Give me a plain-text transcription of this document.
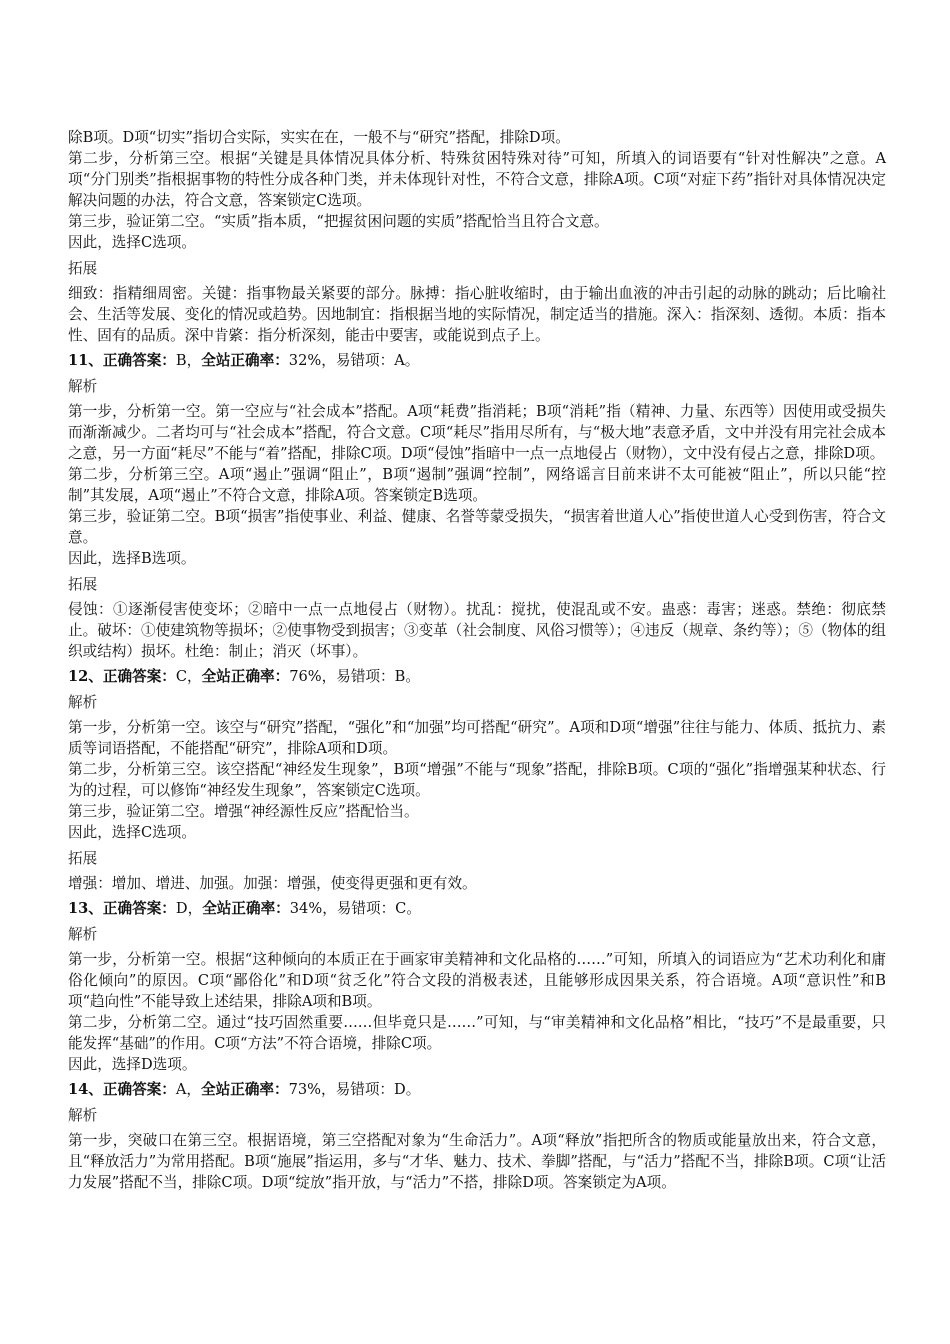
除B项。D项“切实”指切合实际，实实在在，一般不与“研究”搭配，排除D项。

第二步，分析第三空。根据“关键是具体情况具体分析、特殊贫困特殊对待”可知，所填入的词语要有“针对性解决”之意。A项“分门别类”指根据事物的特性分成各种门类，并未体现针对性，不符合文意，排除A项。C项“对症下药”指针对具体情况决定解决问题的办法，符合文意，答案锁定C选项。

第三步，验证第二空。“实质”指本质，“把握贫困问题的实质”搭配恰当且符合文意。

因此，选择C选项。

拓展

细致：指精细周密。关键：指事物最关紧要的部分。脉搏：指心脏收缩时，由于输出血液的冲击引起的动脉的跳动；后比喻社会、生活等发展、变化的情况或趋势。因地制宜：指根据当地的实际情况，制定适当的措施。深入：指深刻、透彻。本质：指本性、固有的品质。深中肯綮：指分析深刻，能击中要害，或能说到点子上。

11、正确答案：B，全站正确率：32%，易错项：A。

解析

第一步，分析第一空。第一空应与“社会成本”搭配。A项“耗费”指消耗；B项“消耗”指（精神、力量、东西等）因使用或受损失而渐渐减少。二者均可与“社会成本”搭配，符合文意。C项“耗尽”指用尽所有，与“极大地”表意矛盾，文中并没有用完社会成本之意，另一方面“耗尽”不能与“着”搭配，排除C项。D项“侵蚀”指暗中一点一点地侵占（财物），文中没有侵占之意，排除D项。

第二步，分析第三空。A项“遏止”强调“阻止”，B项“遏制”强调“控制”，网络谣言目前来讲不太可能被“阻止”，所以只能“控制”其发展，A项“遏止”不符合文意，排除A项。答案锁定B选项。

第三步，验证第二空。B项“损害”指使事业、利益、健康、名誉等蒙受损失，“损害着世道人心”指使世道人心受到伤害，符合文意。

因此，选择B选项。

拓展

侵蚀：①逐渐侵害使变坏；②暗中一点一点地侵占（财物）。扰乱：搅扰，使混乱或不安。蛊惑：毒害；迷惑。禁绝：彻底禁止。破坏：①使建筑物等损坏；②使事物受到损害；③变革（社会制度、风俗习惯等）；④违反（规章、条约等）；⑤（物体的组织或结构）损坏。杜绝：制止；消灭（坏事）。

12、正确答案：C，全站正确率：76%，易错项：B。

解析

第一步，分析第一空。该空与“研究”搭配，“强化”和“加强”均可搭配“研究”。A项和D项“增强”往往与能力、体质、抵抗力、素质等词语搭配，不能搭配“研究”，排除A项和D项。

第二步，分析第三空。该空搭配“神经发生现象”，B项“增强”不能与“现象”搭配，排除B项。C项的“强化”指增强某种状态、行为的过程，可以修饰“神经发生现象”，答案锁定C选项。

第三步，验证第二空。增强“神经源性反应”搭配恰当。

因此，选择C选项。

拓展

增强：增加、增进、加强。加强：增强，使变得更强和更有效。

13、正确答案：D，全站正确率：34%，易错项：C。

解析

第一步，分析第一空。根据“这种倾向的本质正在于画家审美精神和文化品格的……”可知，所填入的词语应为“艺术功利化和庸俗化倾向”的原因。C项“鄙俗化”和D项“贫乏化”符合文段的消极表述，且能够形成因果关系，符合语境。A项“意识性”和B项“趋向性”不能导致上述结果，排除A项和B项。

第二步，分析第二空。通过“技巧固然重要……但毕竟只是……”可知，与“审美精神和文化品格”相比，“技巧”不是最重要，只能发挥“基础”的作用。C项“方法”不符合语境，排除C项。

因此，选择D选项。

14、正确答案：A，全站正确率：73%，易错项：D。

解析

第一步，突破口在第三空。根据语境，第三空搭配对象为“生命活力”。A项“释放”指把所含的物质或能量放出来，符合文意，且“释放活力”为常用搭配。B项“施展”指运用，多与“才华、魅力、技术、拳脚”搭配，与“活力”搭配不当，排除B项。C项“让活力发展”搭配不当，排除C项。D项“绽放”指开放，与“活力”不搭，排除D项。答案锁定为A项。
